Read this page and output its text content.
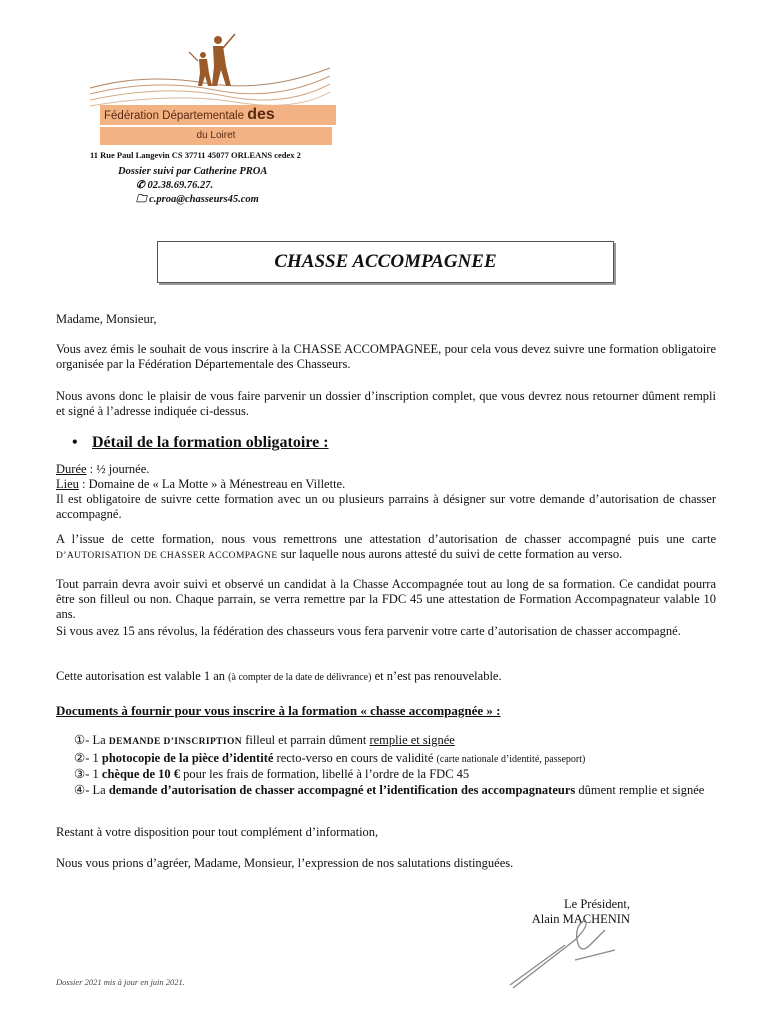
Fédération Départementale des
du Loiret
11 Rue Paul Langevin CS 37711 45077 ORLEANS cedex 2
Dossier suivi par Catherine PROA
✆ 02.38.69.76.27.
🗀 c.proa@chasseurs45.com
CHASSE ACCOMPAGNEE
Madame, Monsieur,
Vous avez émis le souhait de vous inscrire à la CHASSE ACCOMPAGNEE, pour cela vous devez suivre une formation obligatoire organisée par la Fédération Départementale des Chasseurs.
Nous avons donc le plaisir de vous faire parvenir un dossier d’inscription complet, que vous devrez nous retourner dûment rempli et signé à l’adresse indiquée ci-dessus.
• Détail de la formation obligatoire :
Durée : ½ journée.
Lieu : Domaine de « La Motte » à Ménestreau en Villette.
Il est obligatoire de suivre cette formation avec un ou plusieurs parrains à désigner sur votre demande d’autorisation de chasser accompagné.
A l’issue de cette formation, nous vous remettrons une attestation d’autorisation de chasser accompagné puis une carte D’AUTORISATION DE CHASSER ACCOMPAGNE sur laquelle nous aurons attesté du suivi de cette formation au verso.
Tout parrain devra avoir suivi et observé un candidat à la Chasse Accompagnée tout au long de sa formation. Ce candidat pourra être son filleul ou non. Chaque parrain, se verra remettre par la FDC 45 une attestation de Formation Accompagnateur valable 10 ans.
Si vous avez 15 ans révolus, la fédération des chasseurs vous fera parvenir votre carte d’autorisation de chasser accompagné.
Cette autorisation est valable 1 an (à compter de la date de délivrance) et n’est pas renouvelable.
Documents à fournir pour vous inscrire à la formation « chasse accompagnée » :
①- La DEMANDE D’INSCRIPTION filleul et parrain dûment remplie et signée
②- 1 photocopie de la pièce d’identité recto-verso en cours de validité (carte nationale d’identité, passeport)
③- 1 chèque de 10 € pour les frais de formation, libellé à l’ordre de la FDC 45
④- La demande d’autorisation de chasser accompagné et l’identification des accompagnateurs dûment remplie et signée
Restant à votre disposition pour tout complément d’information,
Nous vous prions d’agréer, Madame, Monsieur, l’expression de nos salutations distinguées.
Le Président,
Alain MACHENIN
Dossier 2021 mis à jour en juin 2021.
